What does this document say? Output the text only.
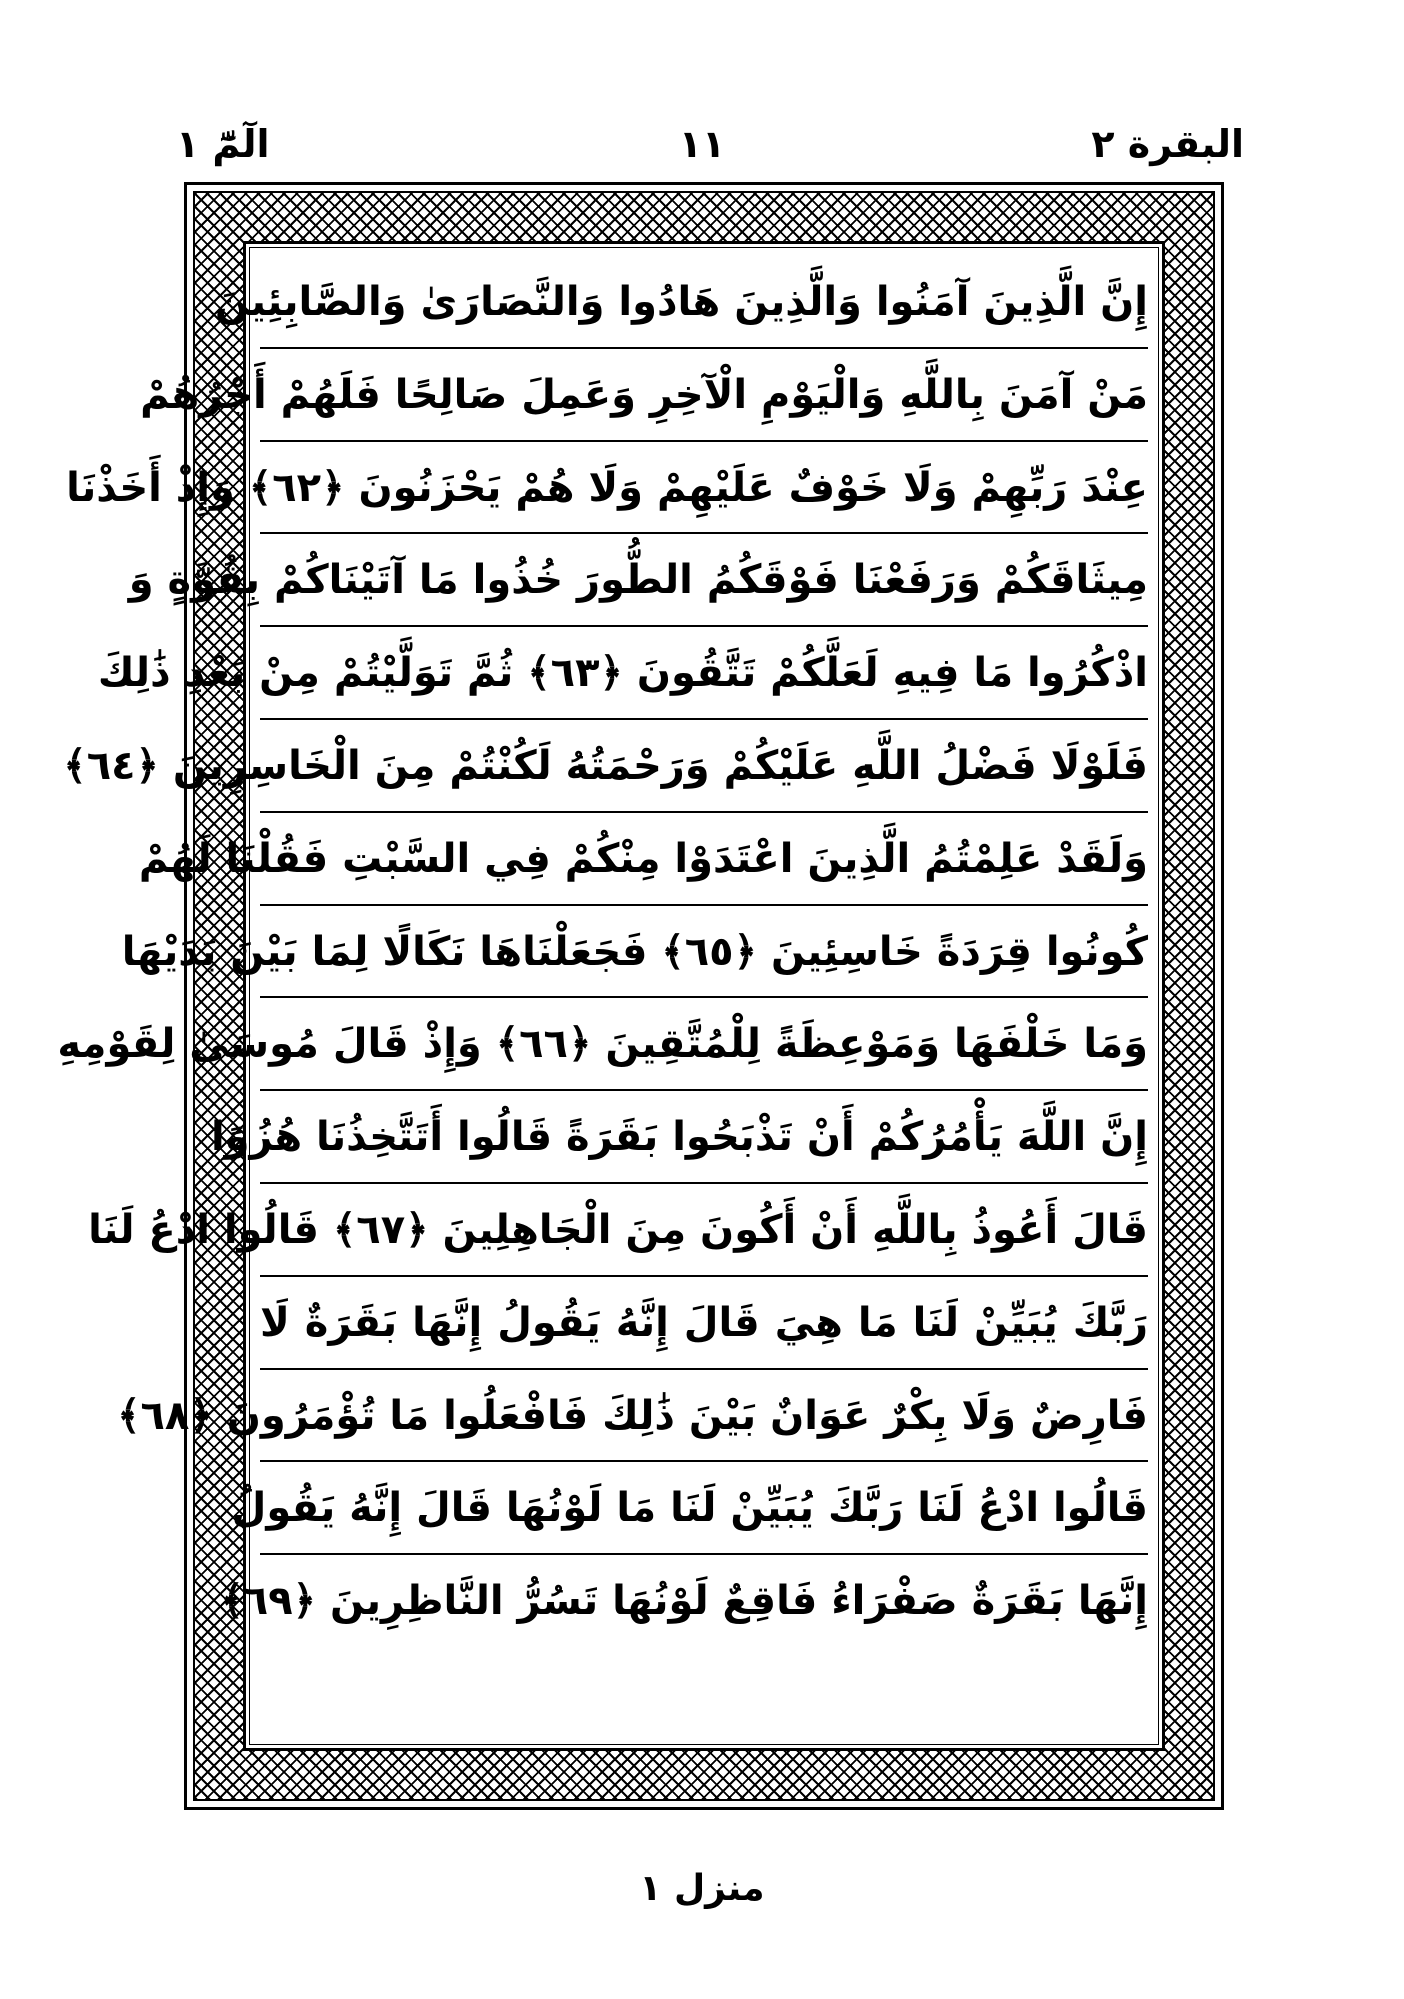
الٓمّٓ ١	١١	البقرة ٢
إِنَّ الَّذِينَ آمَنُوا وَالَّذِينَ هَادُوا وَالنَّصَارَىٰ وَالصَّابِئِينَ
مَنْ آمَنَ بِاللَّهِ وَالْيَوْمِ الْآخِرِ وَعَمِلَ صَالِحًا فَلَهُمْ أَجْرُهُمْ
عِنْدَ رَبِّهِمْ وَلَا خَوْفٌ عَلَيْهِمْ وَلَا هُمْ يَحْزَنُونَ ﴿٦٢﴾ وَإِذْ أَخَذْنَا
مِيثَاقَكُمْ وَرَفَعْنَا فَوْقَكُمُ الطُّورَ خُذُوا مَا آتَيْنَاكُمْ بِقُوَّةٍ وَ
اذْكُرُوا مَا فِيهِ لَعَلَّكُمْ تَتَّقُونَ ﴿٦٣﴾ ثُمَّ تَوَلَّيْتُمْ مِنْ بَعْدِ ذَٰلِكَ
فَلَوْلَا فَضْلُ اللَّهِ عَلَيْكُمْ وَرَحْمَتُهُ لَكُنْتُمْ مِنَ الْخَاسِرِينَ ﴿٦٤﴾
وَلَقَدْ عَلِمْتُمُ الَّذِينَ اعْتَدَوْا مِنْكُمْ فِي السَّبْتِ فَقُلْنَا لَهُمْ
كُونُوا قِرَدَةً خَاسِئِينَ ﴿٦٥﴾ فَجَعَلْنَاهَا نَكَالًا لِمَا بَيْنَ يَدَيْهَا
وَمَا خَلْفَهَا وَمَوْعِظَةً لِلْمُتَّقِينَ ﴿٦٦﴾ وَإِذْ قَالَ مُوسَىٰ لِقَوْمِهِ
إِنَّ اللَّهَ يَأْمُرُكُمْ أَنْ تَذْبَحُوا بَقَرَةً قَالُوا أَتَتَّخِذُنَا هُزُوًا
قَالَ أَعُوذُ بِاللَّهِ أَنْ أَكُونَ مِنَ الْجَاهِلِينَ ﴿٦٧﴾ قَالُوا ادْعُ لَنَا
رَبَّكَ يُبَيِّنْ لَنَا مَا هِيَ قَالَ إِنَّهُ يَقُولُ إِنَّهَا بَقَرَةٌ لَا
فَارِضٌ وَلَا بِكْرٌ عَوَانٌ بَيْنَ ذَٰلِكَ فَافْعَلُوا مَا تُؤْمَرُونَ ﴿٦٨﴾
قَالُوا ادْعُ لَنَا رَبَّكَ يُبَيِّنْ لَنَا مَا لَوْنُهَا قَالَ إِنَّهُ يَقُولُ
إِنَّهَا بَقَرَةٌ صَفْرَاءُ فَاقِعٌ لَوْنُهَا تَسُرُّ النَّاظِرِينَ ﴿٦٩﴾
منزل ١
